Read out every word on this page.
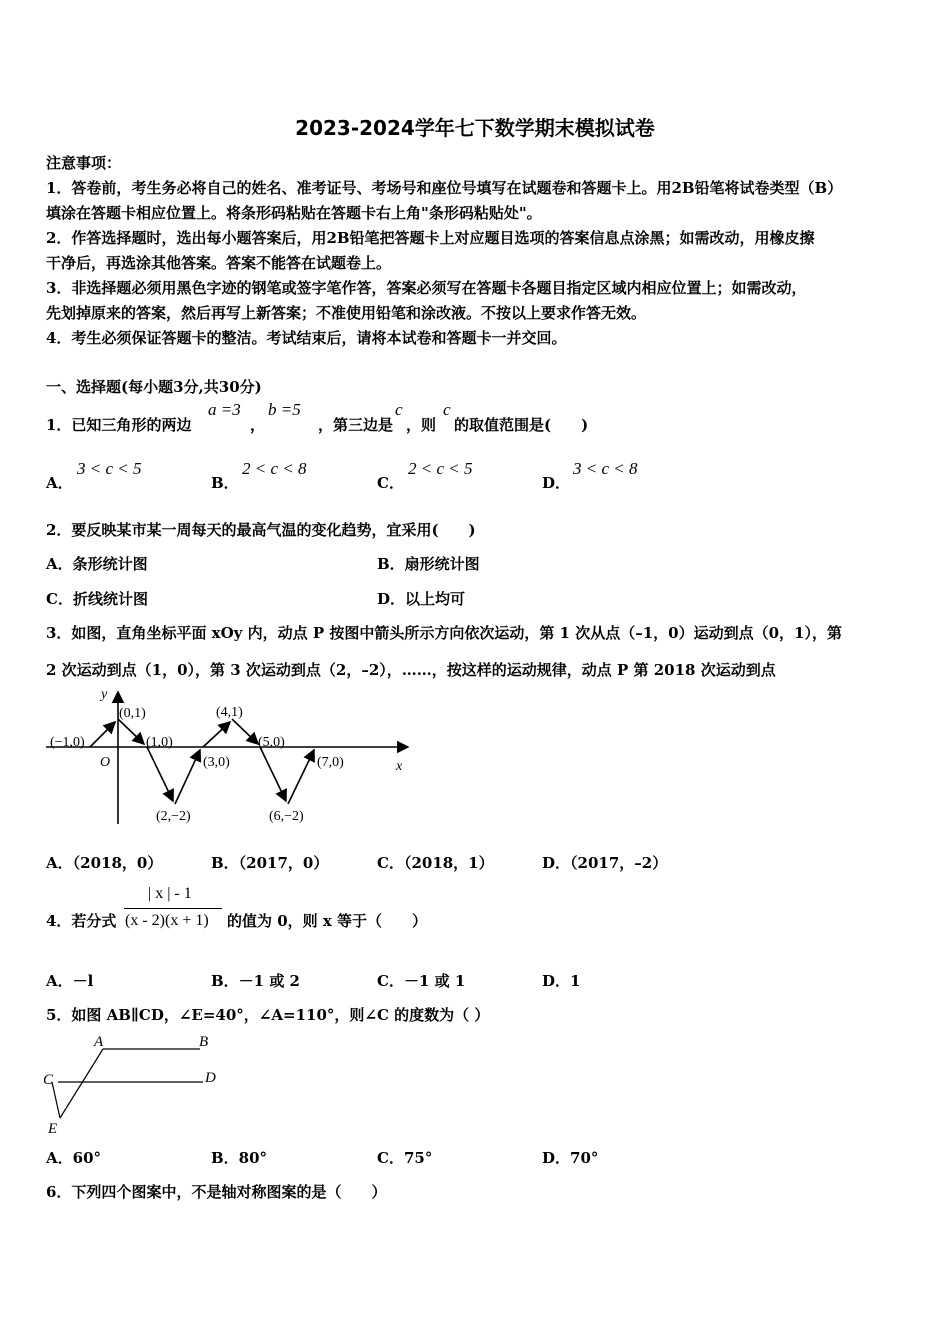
2023-2024学年七下数学期末模拟试卷
注意事项：
1．答卷前，考生务必将自己的姓名、准考证号、考场号和座位号填写在试题卷和答题卡上。用2B铅笔将试卷类型（B）
填涂在答题卡相应位置上。将条形码粘贴在答题卡右上角"条形码粘贴处"。
2．作答选择题时，选出每小题答案后，用2B铅笔把答题卡上对应题目选项的答案信息点涂黑；如需改动，用橡皮擦
干净后，再选涂其他答案。答案不能答在试题卷上。
3．非选择题必须用黑色字迹的钢笔或签字笔作答，答案必须写在答题卡各题目指定区域内相应位置上；如需改动，
先划掉原来的答案，然后再写上新答案；不准使用铅笔和涂改液。不按以上要求作答无效。
4．考生必须保证答题卡的整洁。考试结束后，请将本试卷和答题卡一并交回。
一、选择题(每小题3分,共30分)
1．已知三角形的两边
a =3
，
b =5
，第三边是
c
，则
c
的取值范围是(　　)
A．
3 < c < 5
B．
2 < c < 8
C．
2 < c < 5
D．
3 < c < 8
2．要反映某市某一周每天的最高气温的变化趋势，宜采用(　　)
A．条形统计图	B．扇形统计图
C．折线统计图	D．以上均可
3．如图，直角坐标平面 xOy 内，动点 P 按图中箭头所示方向依次运动，第 1 次从点（–1，0）运动到点（0，1），第
2 次运动到点（1，0），第 3 次运动到点（2，–2），……，按这样的运动规律，动点 P 第 2018 次运动到点
x
y
O
(−1,0)
(0,1)
(1,0)
(4,1)
(5,0)
(3,0)	(7,0)
(2,−2)	(6,−2)
A．（2018，0）	B．（2017，0）	C．（2018，1）	D．（2017，–2）
4．若分式
| x | - 1
(x - 2)(x + 1) 的值为 0，则 x 等于（　　）
A．－l	B．－1 或 2	C．－1 或 1	D．1
5．如图 AB∥CD，∠E=40°，∠A=110°，则∠C 的度数为（ ）
A	B
C	D
E
A．60°	B．80°	C．75°	D．70°
6．下列四个图案中，不是轴对称图案的是（　　）
